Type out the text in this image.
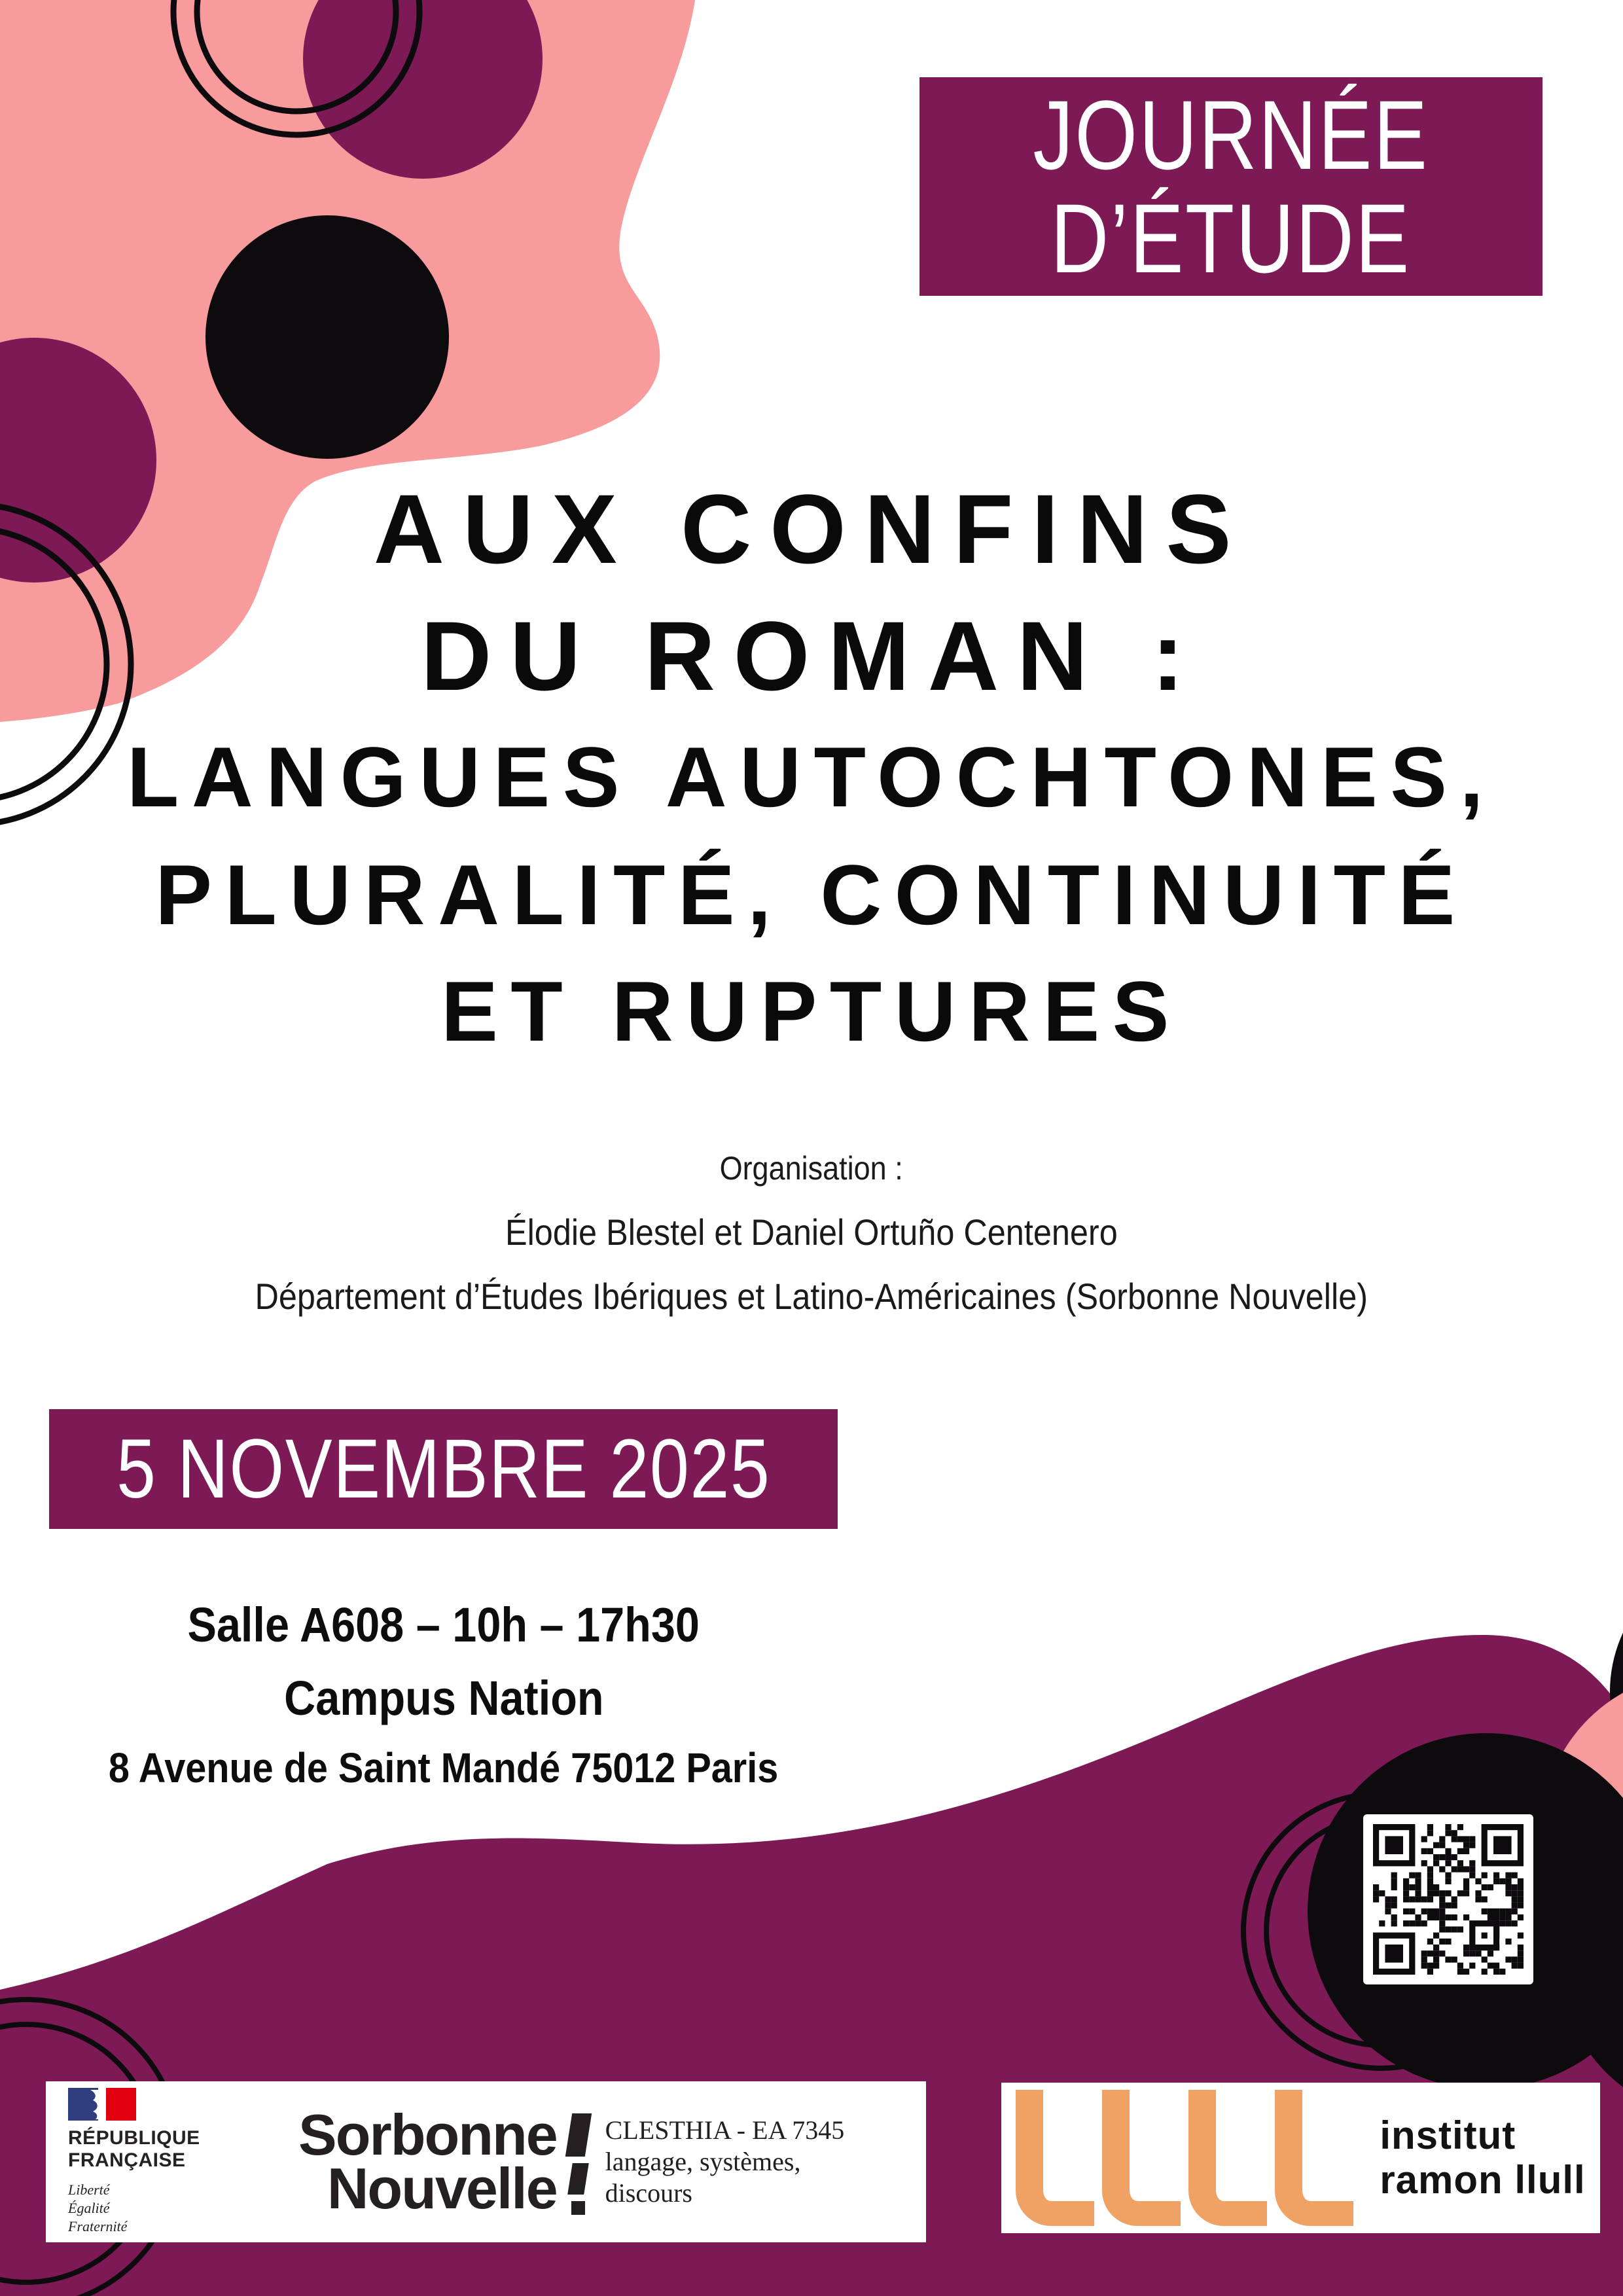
JOURNÉE
D’ÉTUDE
AUX CONFINS
DU ROMAN :
LANGUES AUTOCHTONES,
PLURALITÉ, CONTINUITÉ
ET RUPTURES
Organisation :
Élodie Blestel et Daniel Ortuño Centenero
Département d’Études Ibériques et Latino-Américaines (Sorbonne Nouvelle)
5 NOVEMBRE 2025
Salle A608 – 10h – 17h30
Campus Nation
8 Avenue de Saint Mandé 75012 Paris
RÉPUBLIQUE
FRANÇAISE
Liberté
Égalité
Fraternité
Sorbonne
Nouvelle
CLESTHIA - EA 7345
langage, systèmes,
discours
institut
ramon llull
